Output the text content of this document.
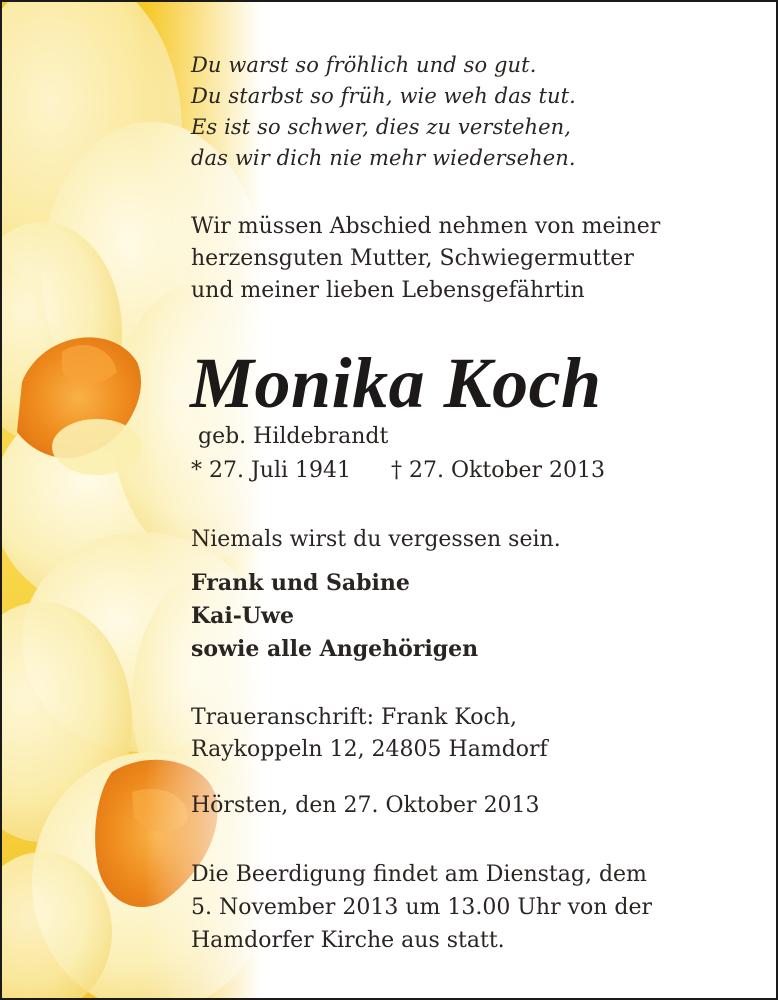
Du warst so fröhlich und so gut.
Du starbst so früh, wie weh das tut.
Es ist so schwer, dies zu verstehen,
das wir dich nie mehr wiedersehen.
Wir müssen Abschied nehmen von meiner
herzensguten Mutter, Schwiegermutter
und meiner lieben Lebensgefährtin
Monika Koch
geb. Hildebrandt
* 27. Juli 1941 † 27. Oktober 2013
Niemals wirst du vergessen sein.
Frank und Sabine
Kai-Uwe
sowie alle Angehörigen
Traueranschrift: Frank Koch,
Raykoppeln 12, 24805 Hamdorf
Hörsten, den 27. Oktober 2013
Die Beerdigung findet am Dienstag, dem
5. November 2013 um 13.00 Uhr von der
Hamdorfer Kirche aus statt.
